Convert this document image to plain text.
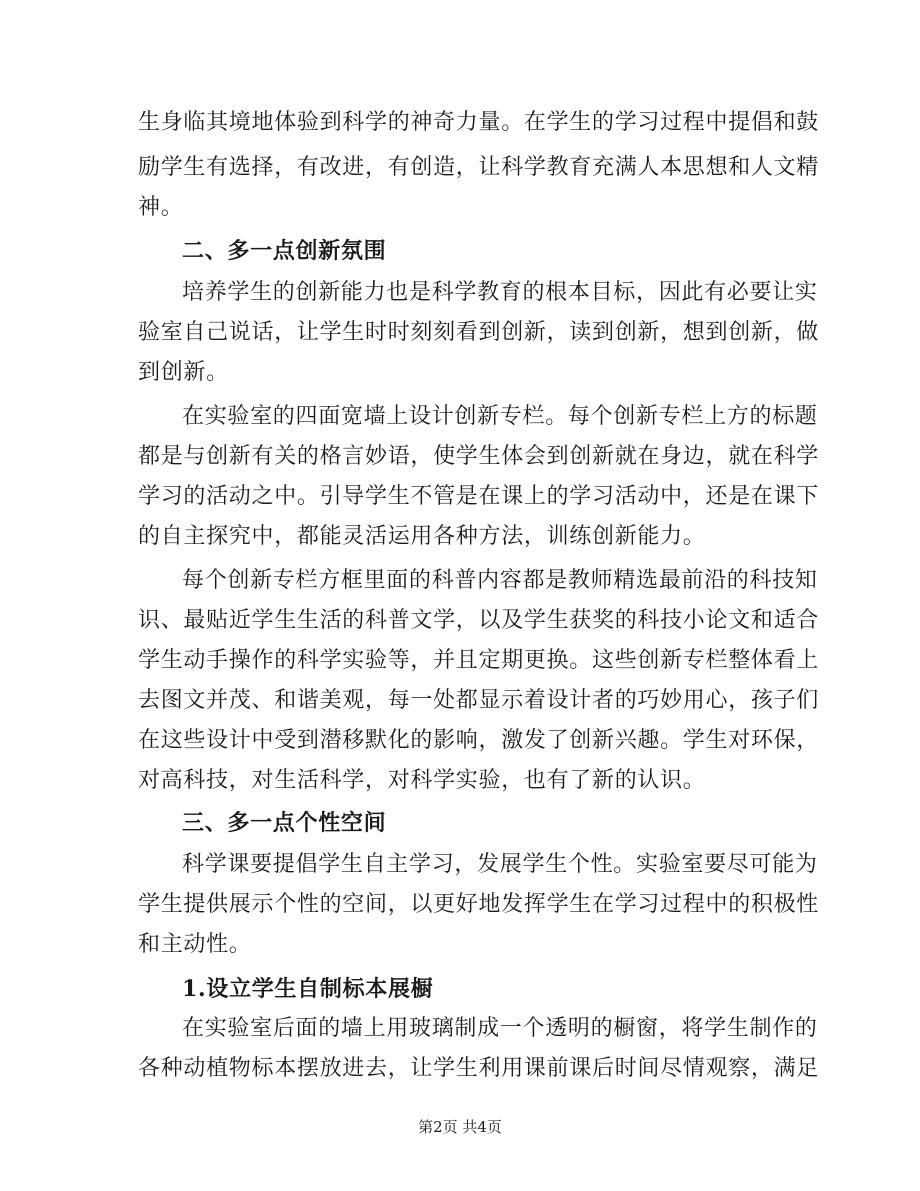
生身临其境地体验到科学的神奇力量。在学生的学习过程中提倡和鼓
励学生有选择，有改进，有创造，让科学教育充满人本思想和人文精
神。
二、多一点创新氛围
培养学生的创新能力也是科学教育的根本目标，因此有必要让实
验室自己说话，让学生时时刻刻看到创新，读到创新，想到创新，做
到创新。
在实验室的四面宽墙上设计创新专栏。每个创新专栏上方的标题
都是与创新有关的格言妙语，使学生体会到创新就在身边，就在科学
学习的活动之中。引导学生不管是在课上的学习活动中，还是在课下
的自主探究中，都能灵活运用各种方法，训练创新能力。
每个创新专栏方框里面的科普内容都是教师精选最前沿的科技知
识、最贴近学生生活的科普文学，以及学生获奖的科技小论文和适合
学生动手操作的科学实验等，并且定期更换。这些创新专栏整体看上
去图文并茂、和谐美观，每一处都显示着设计者的巧妙用心，孩子们
在这些设计中受到潜移默化的影响，激发了创新兴趣。学生对环保，
对高科技，对生活科学，对科学实验，也有了新的认识。
三、多一点个性空间
科学课要提倡学生自主学习，发展学生个性。实验室要尽可能为
学生提供展示个性的空间，以更好地发挥学生在学习过程中的积极性
和主动性。
1.设立学生自制标本展橱
在实验室后面的墙上用玻璃制成一个透明的橱窗，将学生制作的
各种动植物标本摆放进去，让学生利用课前课后时间尽情观察，满足
第2页 共4页
